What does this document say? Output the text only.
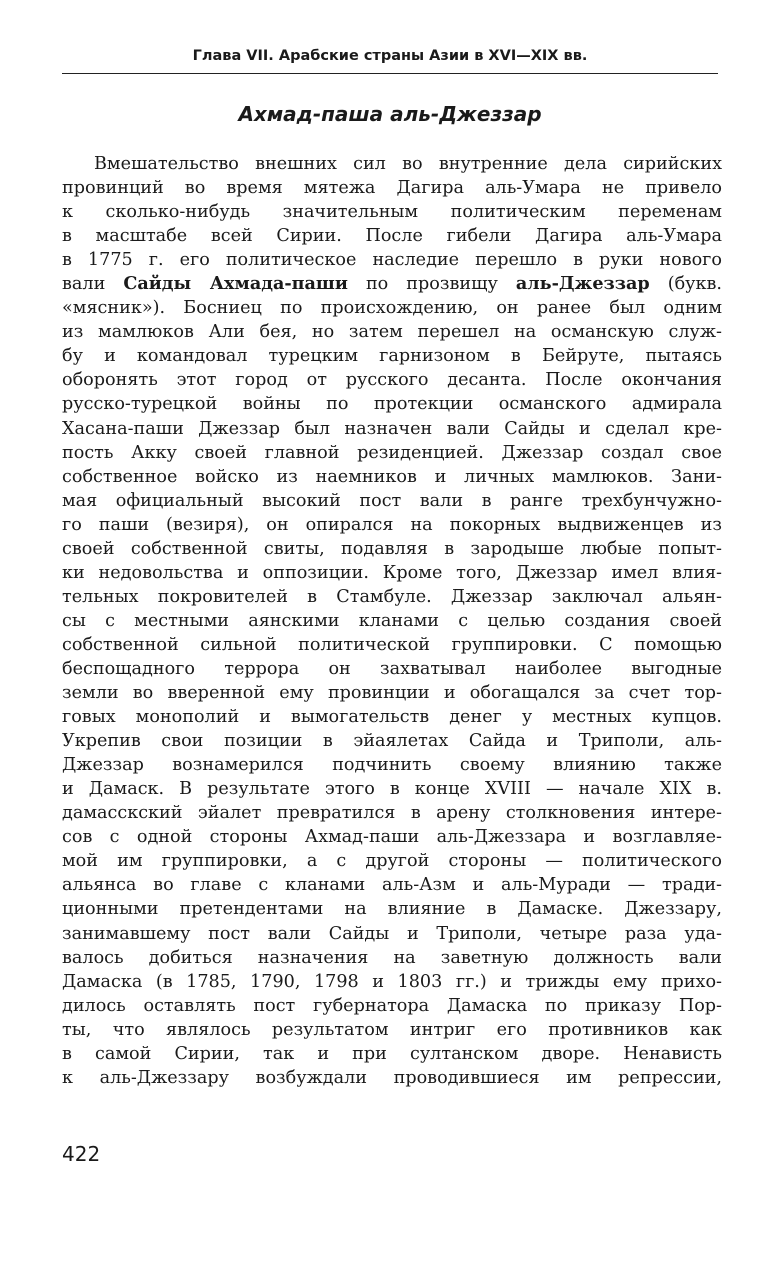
Глава VII. Арабские страны Азии в XVI—XIX вв.
Ахмад-паша аль-Джеззар
Вмешательство внешних сил во внутренние дела сирийских
провинций во время мятежа Дагира аль-Умара не привело
к сколько-нибудь значительным политическим переменам
в масштабе всей Сирии. После гибели Дагира аль-Умара
в 1775 г. его политическое наследие перешло в руки нового
вали Сайды Ахмада-паши по прозвищу аль-Джеззар (букв.
«мясник»). Босниец по происхождению, он ранее был одним
из мамлюков Али бея, но затем перешел на османскую служ-
бу и командовал турецким гарнизоном в Бейруте, пытаясь
оборонять этот город от русского десанта. После окончания
русско-турецкой войны по протекции османского адмирала
Хасана-паши Джеззар был назначен вали Сайды и сделал кре-
пость Акку своей главной резиденцией. Джеззар создал свое
собственное войско из наемников и личных мамлюков. Зани-
мая официальный высокий пост вали в ранге трехбунчужно-
го паши (везиря), он опирался на покорных выдвиженцев из
своей собственной свиты, подавляя в зародыше любые попыт-
ки недовольства и оппозиции. Кроме того, Джеззар имел влия-
тельных покровителей в Стамбуле. Джеззар заключал альян-
сы с местными аянскими кланами с целью создания своей
собственной сильной политической группировки. С помощью
беспощадного террора он захватывал наиболее выгодные
земли во вверенной ему провинции и обогащался за счет тор-
говых монополий и вымогательств денег у местных купцов.
Укрепив свои позиции в эйаялетах Сайда и Триполи, аль-
Джеззар вознамерился подчинить своему влиянию также
и Дамаск. В результате этого в конце XVIII — начале XIX в.
дамасскский эйалет превратился в арену столкновения интере-
сов с одной стороны Ахмад-паши аль-Джеззара и возглавляе-
мой им группировки, а с другой стороны — политического
альянса во главе с кланами аль-Азм и аль-Муради — тради-
ционными претендентами на влияние в Дамаске. Джеззару,
занимавшему пост вали Сайды и Триполи, четыре раза уда-
валось добиться назначения на заветную должность вали
Дамаска (в 1785, 1790, 1798 и 1803 гг.) и трижды ему прихо-
дилось оставлять пост губернатора Дамаска по приказу Пор-
ты, что являлось результатом интриг его противников как
в самой Сирии, так и при султанском дворе. Ненависть
к аль-Джеззару возбуждали проводившиеся им репрессии,
422
